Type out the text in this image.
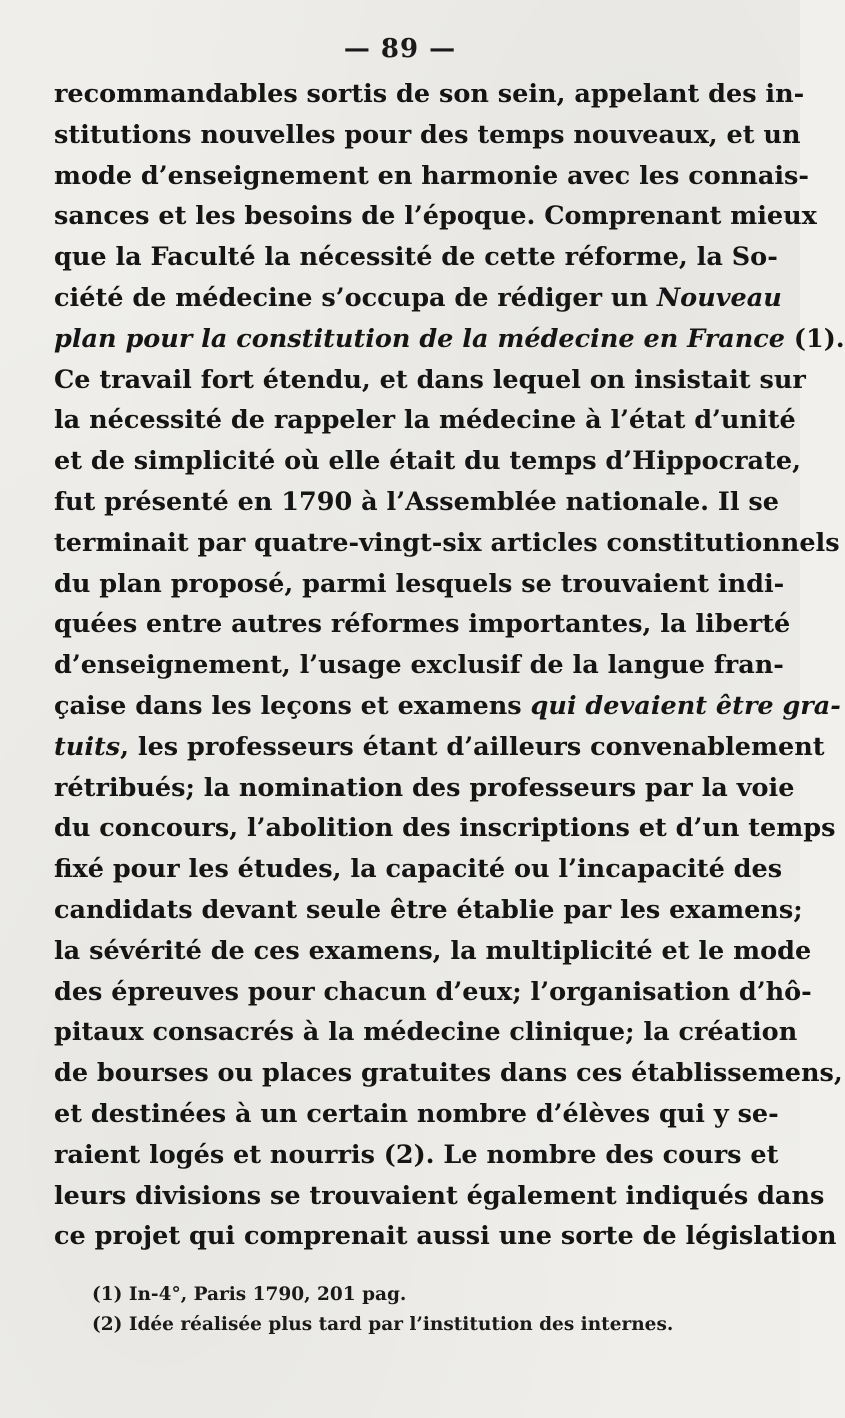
— 89 —
recommandables sortis de son sein, appelant des in-
stitutions nouvelles pour des temps nouveaux, et un
mode d’enseignement en harmonie avec les connais-
sances et les besoins de l’époque. Comprenant mieux
que la Faculté la nécessité de cette réforme, la So-
ciété de médecine s’occupa de rédiger un Nouveau
plan pour la constitution de la médecine en France (1).
Ce travail fort étendu, et dans lequel on insistait sur
la nécessité de rappeler la médecine à l’état d’unité
et de simplicité où elle était du temps d’Hippocrate,
fut présenté en 1790 à l’Assemblée nationale. Il se
terminait par quatre-vingt-six articles constitutionnels
du plan proposé, parmi lesquels se trouvaient indi-
quées entre autres réformes importantes, la liberté
d’enseignement, l’usage exclusif de la langue fran-
çaise dans les leçons et examens qui devaient être gra-
tuits, les professeurs étant d’ailleurs convenablement
rétribués; la nomination des professeurs par la voie
du concours, l’abolition des inscriptions et d’un temps
fixé pour les études, la capacité ou l’incapacité des
candidats devant seule être établie par les examens;
la sévérité de ces examens, la multiplicité et le mode
des épreuves pour chacun d’eux; l’organisation d’hô-
pitaux consacrés à la médecine clinique; la création
de bourses ou places gratuites dans ces établissemens,
et destinées à un certain nombre d’élèves qui y se-
raient logés et nourris (2). Le nombre des cours et
leurs divisions se trouvaient également indiqués dans
ce projet qui comprenait aussi une sorte de législation
(1) In-4°, Paris 1790, 201 pag.
(2) Idée réalisée plus tard par l’institution des internes.
